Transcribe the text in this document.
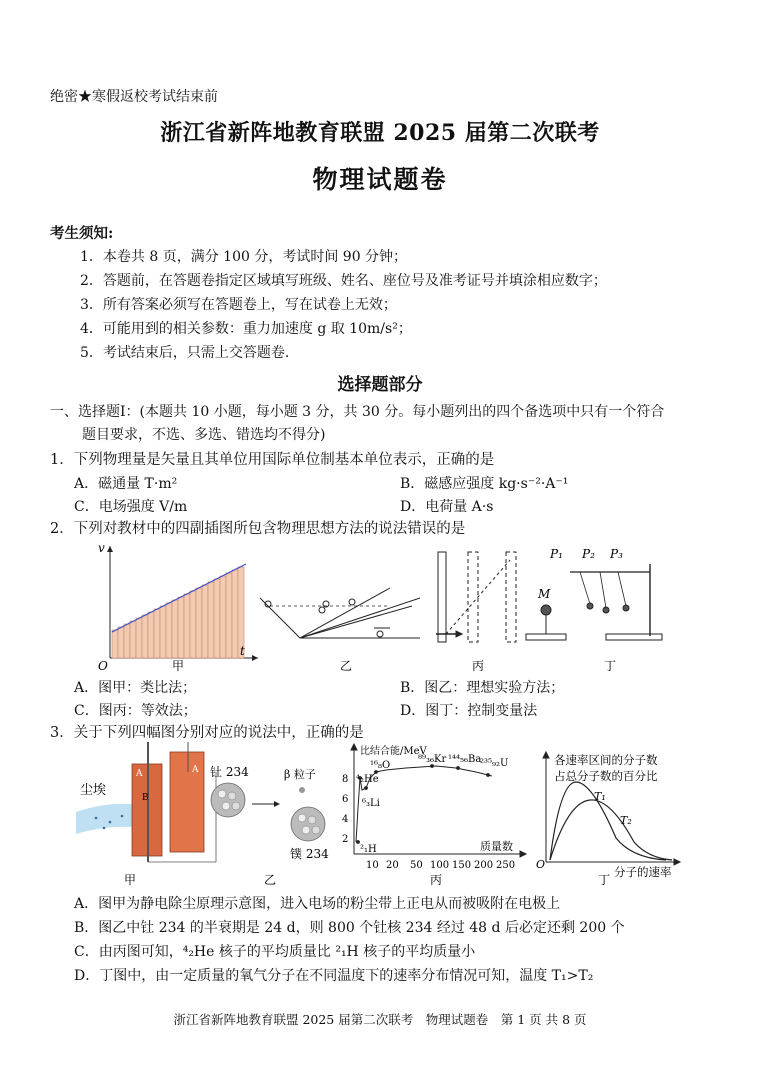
绝密★寒假返校考试结束前
浙江省新阵地教育联盟 2025 届第二次联考
物理试题卷
考生须知:
1．本卷共 8 页，满分 100 分，考试时间 90 分钟；
2．答题前，在答题卷指定区域填写班级、姓名、座位号及准考证号并填涂相应数字；
3．所有答案必须写在答题卷上，写在试卷上无效；
4．可能用到的相关参数：重力加速度 g 取 10m/s²；
5．考试结束后，只需上交答题卷.
选择题部分
一、选择题Ⅰ：(本题共 10 小题，每小题 3 分，共 30 分。每小题列出的四个备选项中只有一个符合
题目要求，不选、多选、错选均不得分)
1．下列物理量是矢量且其单位用国际单位制基本单位表示，正确的是
A．磁通量 T·m²	B．磁感应强度 kg·s⁻²·A⁻¹
C．电场强度 V/m	D．电荷量 A·s
2．下列对教材中的四副插图所包含物理思想方法的说法错误的是
v
t
O
P₁ P₂ P₃
M
甲	乙	丙	丁
A．图甲：类比法；	B．图乙：理想实验方法；
C．图丙：等效法；	D．图丁：控制变量法
3．关于下列四幅图分别对应的说法中，正确的是
尘埃
A	A
B
钍 234	β 粒子
镤 234
比结合能/MeV
质量数
8
6
4
2
10 20 50 100 150 200 250
⁴₂He
¹⁶₈O
⁶₃Li
²₁H
⁸⁹₃₆Kr ¹⁴⁴₅₆Ba
²³⁵₉₂U	各速率区间的分子数
占总分子数的百分比
T₁
T₂
O
分子的速率
甲	乙	丙	丁
A．图甲为静电除尘原理示意图，进入电场的粉尘带上正电从而被吸附在电极上
B．图乙中钍 234 的半衰期是 24 d，则 800 个钍核 234 经过 48 d 后必定还剩 200 个
C．由丙图可知，⁴₂He 核子的平均质量比 ²₁H 核子的平均质量小
D．丁图中，由一定质量的氧气分子在不同温度下的速率分布情况可知，温度 T₁>T₂
浙江省新阵地教育联盟 2025 届第二次联考　物理试题卷　第 1 页 共 8 页
